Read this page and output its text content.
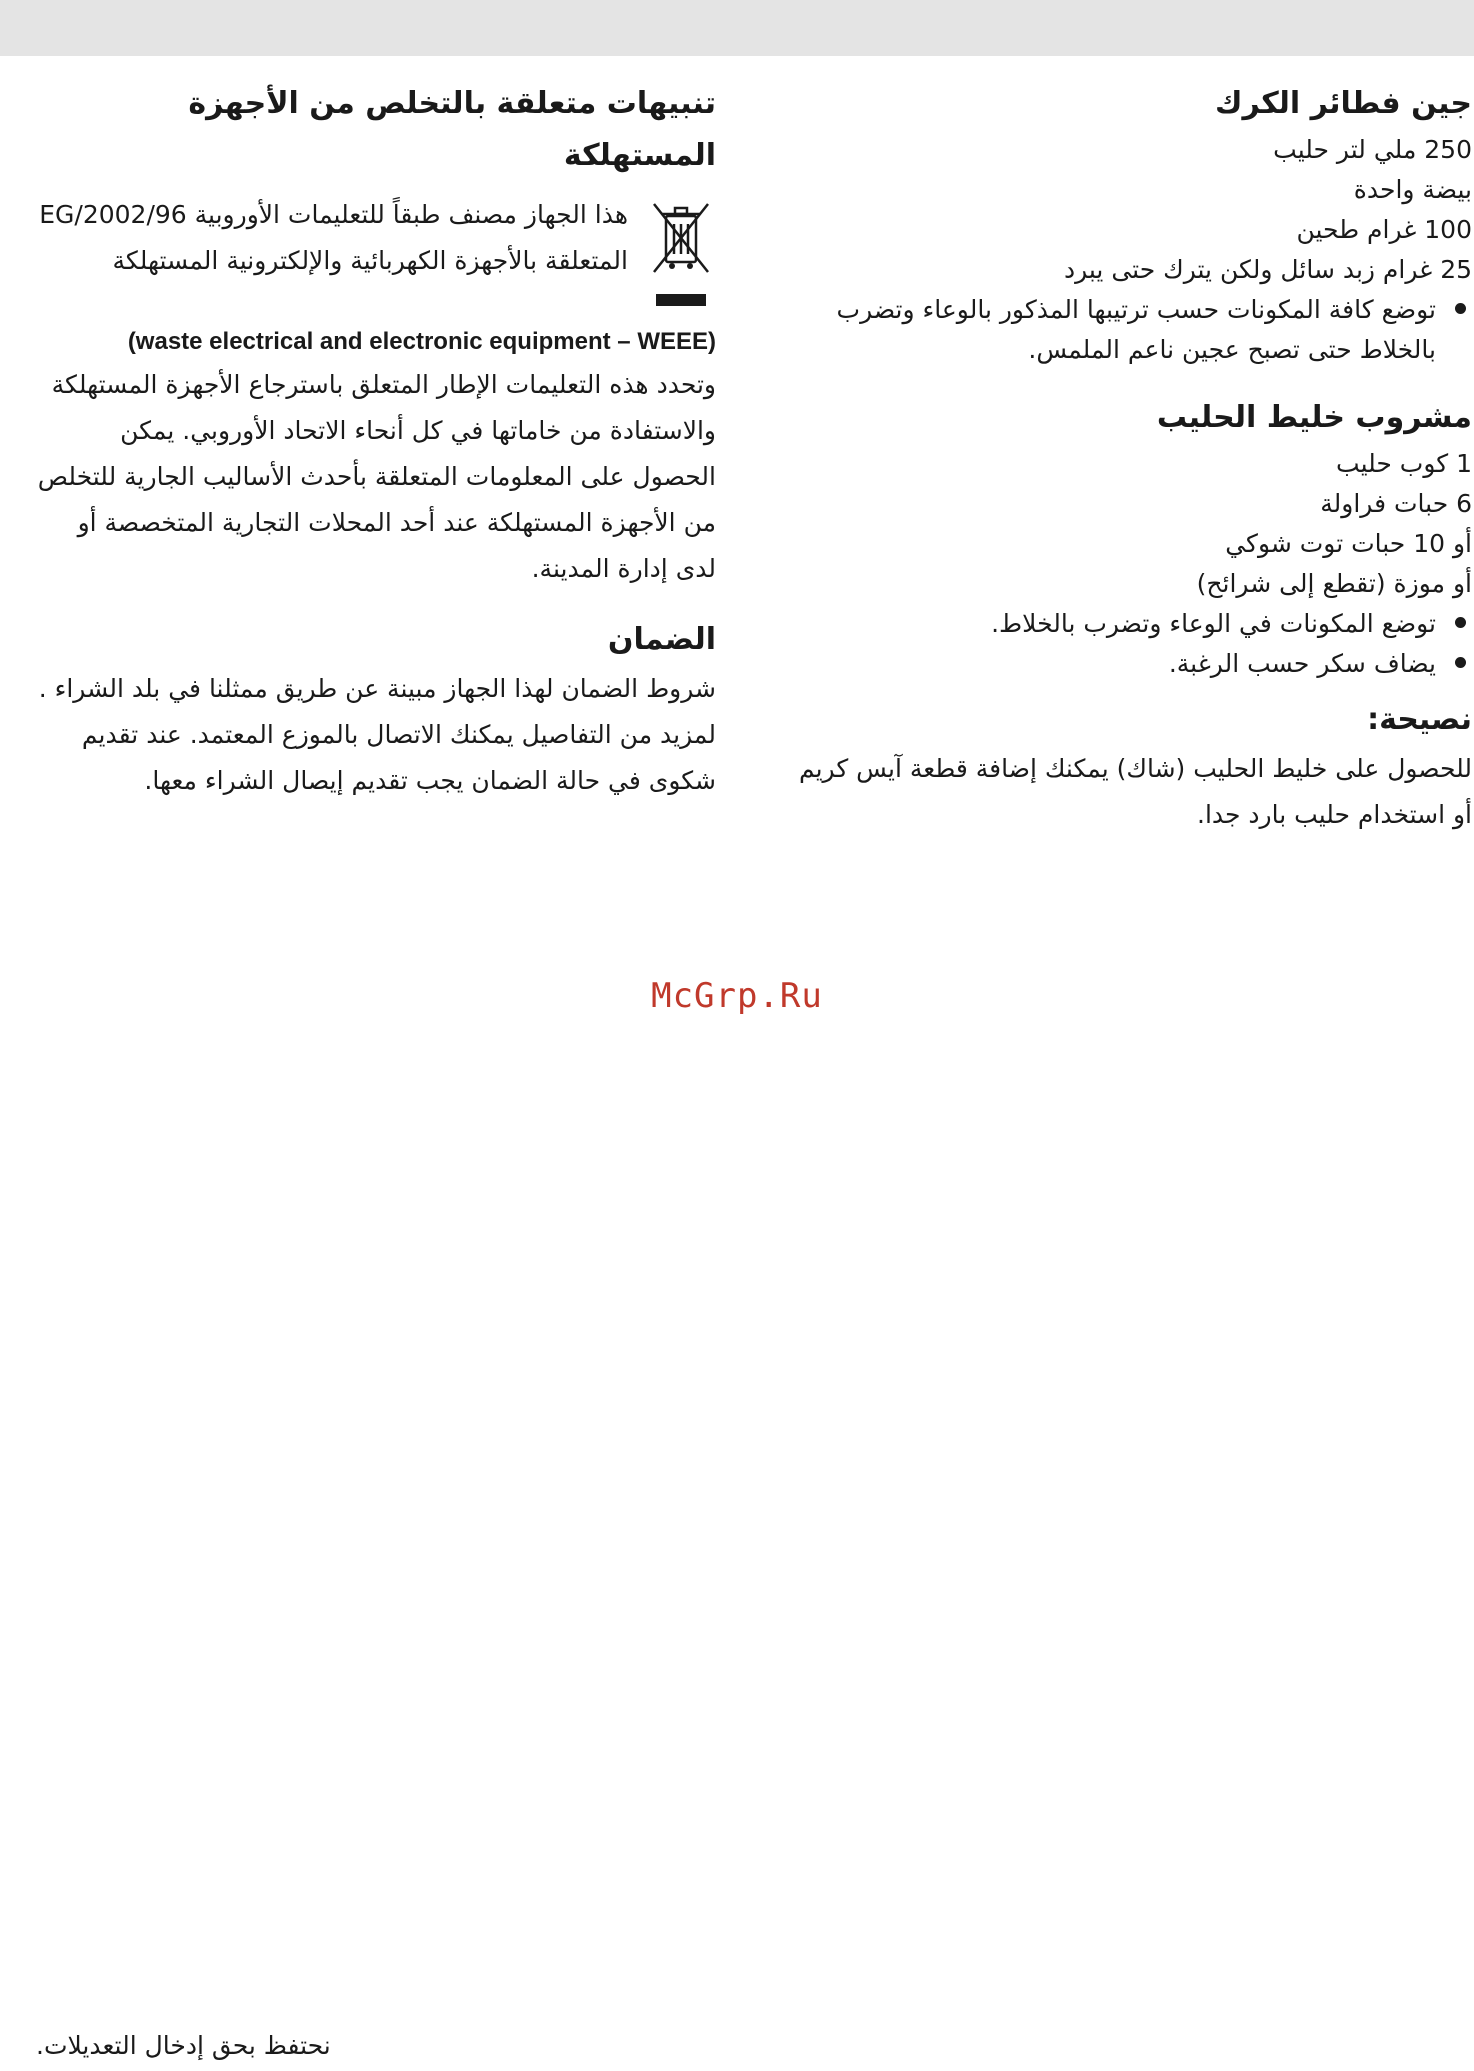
جين فطائر الكرك

250 ملي لتر حليب

بيضة واحدة

100 غرام طحين

25 غرام زبد سائل ولكن يترك حتى يبرد

توضع كافة المكونات حسب ترتيبها المذكور بالوعاء وتضرب بالخلاط حتى تصبح عجين ناعم الملمس.

مشروب خليط الحليب

1 كوب حليب

6 حبات فراولة

أو 10 حبات توت شوكي

أو موزة (تقطع إلى شرائح)

توضع المكونات في الوعاء وتضرب بالخلاط.
يضاف سكر حسب الرغبة.

نصيحة:

للحصول على خليط الحليب (شاك) يمكنك إضافة قطعة آيس كريم أو استخدام حليب بارد جدا.

تنبيهات متعلقة بالتخلص من الأجهزة المستهلكة

هذا الجهاز مصنف طبقاً للتعليمات الأوروبية 2002/96/EG المتعلقة بالأجهزة الكهربائية والإلكترونية المستهلكة

(waste electrical and electronic equipment – WEEE)

وتحدد هذه التعليمات الإطار المتعلق باسترجاع الأجهزة المستهلكة والاستفادة من خاماتها في كل أنحاء الاتحاد الأوروبي. يمكن الحصول على المعلومات المتعلقة بأحدث الأساليب الجارية للتخلص من الأجهزة المستهلكة عند أحد المحلات التجارية المتخصصة أو لدى إدارة المدينة.

الضمان

شروط الضمان لهذا الجهاز مبينة عن طريق ممثلنا في بلد الشراء . لمزيد من التفاصيل يمكنك الاتصال بالموزع المعتمد. عند تقديم شكوى في حالة الضمان يجب تقديم إيصال الشراء معها.

McGrp.Ru
نحتفظ بحق إدخال التعديلات.
